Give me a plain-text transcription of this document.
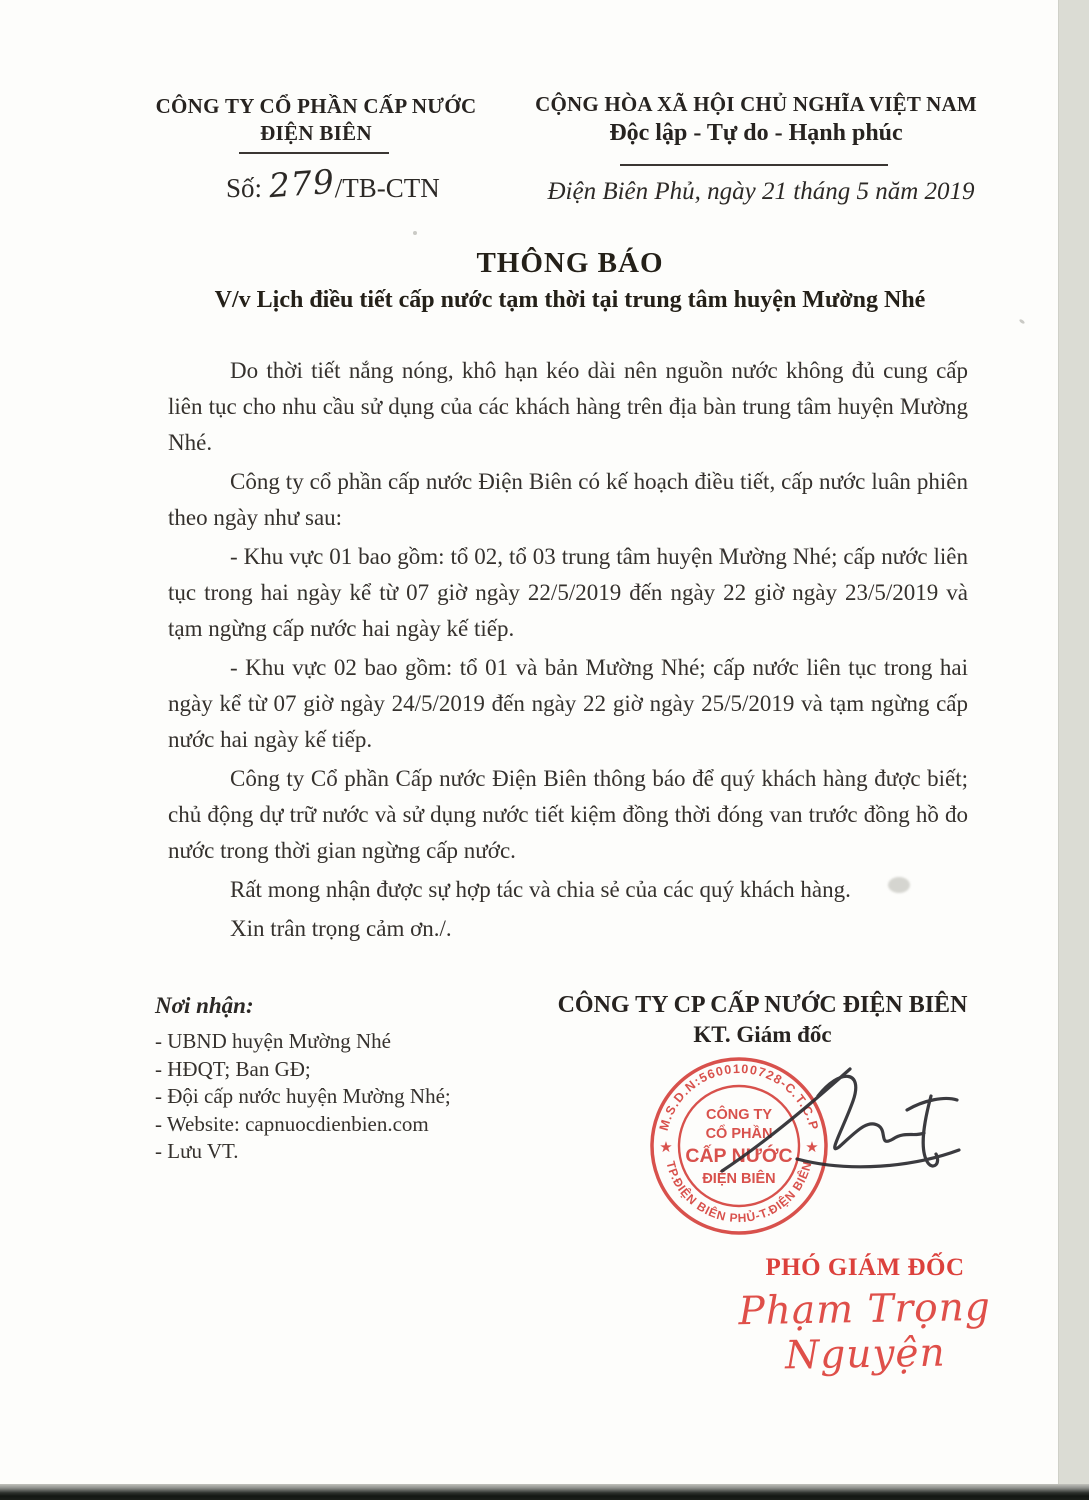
CÔNG TY CỔ PHẦN CẤP NƯỚC
ĐIỆN BIÊN
Số: 279/TB-CTN
CỘNG HÒA XÃ HỘI CHỦ NGHĨA VIỆT NAM
Độc lập - Tự do - Hạnh phúc
Điện Biên Phủ, ngày 21 tháng 5 năm 2019
THÔNG BÁO
V/v Lịch điều tiết cấp nước tạm thời tại trung tâm huyện Mường Nhé

Do thời tiết nắng nóng, khô hạn kéo dài nên nguồn nước không đủ cung cấp liên tục cho nhu cầu sử dụng của các khách hàng trên địa bàn trung tâm huyện Mường Nhé.

Công ty cổ phần cấp nước Điện Biên có kế hoạch điều tiết, cấp nước luân phiên theo ngày như sau:

- Khu vực 01 bao gồm: tổ 02, tổ 03 trung tâm huyện Mường Nhé; cấp nước liên tục trong hai ngày kể từ 07 giờ ngày 22/5/2019 đến ngày 22 giờ ngày 23/5/2019 và tạm ngừng cấp nước hai ngày kế tiếp.

- Khu vực 02 bao gồm: tổ 01 và bản Mường Nhé; cấp nước liên tục trong hai ngày kể từ 07 giờ ngày 24/5/2019 đến ngày 22 giờ ngày 25/5/2019 và tạm ngừng cấp nước hai ngày kế tiếp.

Công ty Cổ phần Cấp nước Điện Biên thông báo để quý khách hàng được biết; chủ động dự trữ nước và sử dụng nước tiết kiệm đồng thời đóng van trước đồng hồ đo nước trong thời gian ngừng cấp nước.

Rất mong nhận được sự hợp tác và chia sẻ của các quý khách hàng.

Xin trân trọng cảm ơn./.

Nơi nhận:
- UBND huyện Mường Nhé
- HĐQT; Ban GĐ;
- Đội cấp nước huyện Mường Nhé;
- Website: capnuocdienbien.com
- Lưu VT.
CÔNG TY CP CẤP NƯỚC ĐIỆN BIÊN
KT. Giám đốc
M.S.D.N:5600100728-C.T.C.P
TP.ĐIỆN BIÊN PHỦ-T.ĐIỆN BIÊN
★	★
CÔNG TY
CỔ PHẦN
CẤP NƯỚC
ĐIỆN BIÊN
PHÓ GIÁM ĐỐC
Phạm Trọng Nguyện
